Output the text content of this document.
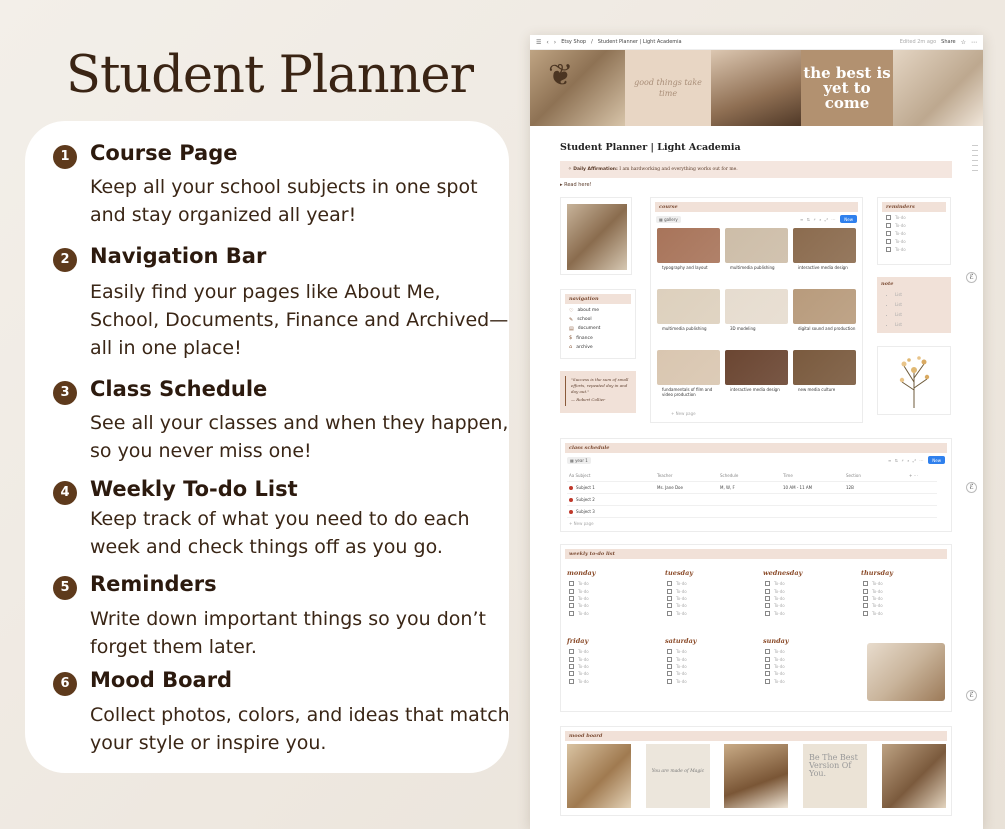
Student Planner
1 Course Page
Keep all your school subjects in one spot and stay organized all year!
2 Navigation Bar
Easily find your pages like About Me, School, Documents, Finance and Archived—all in one place!
3 Class Schedule
See all your classes and when they happen, so you never miss one!
4 Weekly To-do List
Keep track of what you need to do each week and check things off as you go.
5 Reminders
Write down important things so you don’t forget them later.
6 Mood Board
Collect photos, colors, and ideas that match your style or inspire you.
☰ ‹ › Etsy Shop / Student Planner | Light Academia	Edited 2m ago Share ☆ ⋯
❦	good things take time
the best is yet to come
Student Planner | Light Academia
✧ Daily Affirmation: I am hardworking and everything works out for me.
▸ Read here!
navigation
♡ about me
✎ school
▤ document
$ finance
⌂ archive
"Success is the sum of small efforts, repeated day in and day out."
— Robert Collier
course
▦ gallery	≡ ⇅ ⚡ ⌕ ⤢ ⋯	New
typography and layout	multimedia publishing	interactive media design
multimedia publishing	3D modeling	digital sound and production
fundamentals of film and video production
interactive media design	new media culture
+ New page
reminders
To-do
To-do
To-do
To-do
To-do
note
• List
• List
• List
• List
class schedule
▦ year 1	≡ ⇅ ⚡ ⌕ ⤢ ⋯	New
Aa Subject	Teacher	Schedule	Time	Section	+ ⋯
Subject 1	Ms. Jane Doe	M, W, F	10 AM - 11 AM	12B
Subject 2
Subject 3
+ New page
weekly to-do list
monday
To-do
To-do
To-do
To-do
To-do
tuesday
To-do
To-do
To-do
To-do
To-do
wednesday
To-do
To-do
To-do
To-do
To-do
thursday
To-do
To-do
To-do
To-do
To-do
friday
To-do
To-do
To-do
To-do
To-do
saturday
To-do
To-do
To-do
To-do
To-do
sunday
To-do
To-do
To-do
To-do
To-do
mood board
You are made of Magic
Be The Best Version Of You.
ℰ
ℰ
ℰ
